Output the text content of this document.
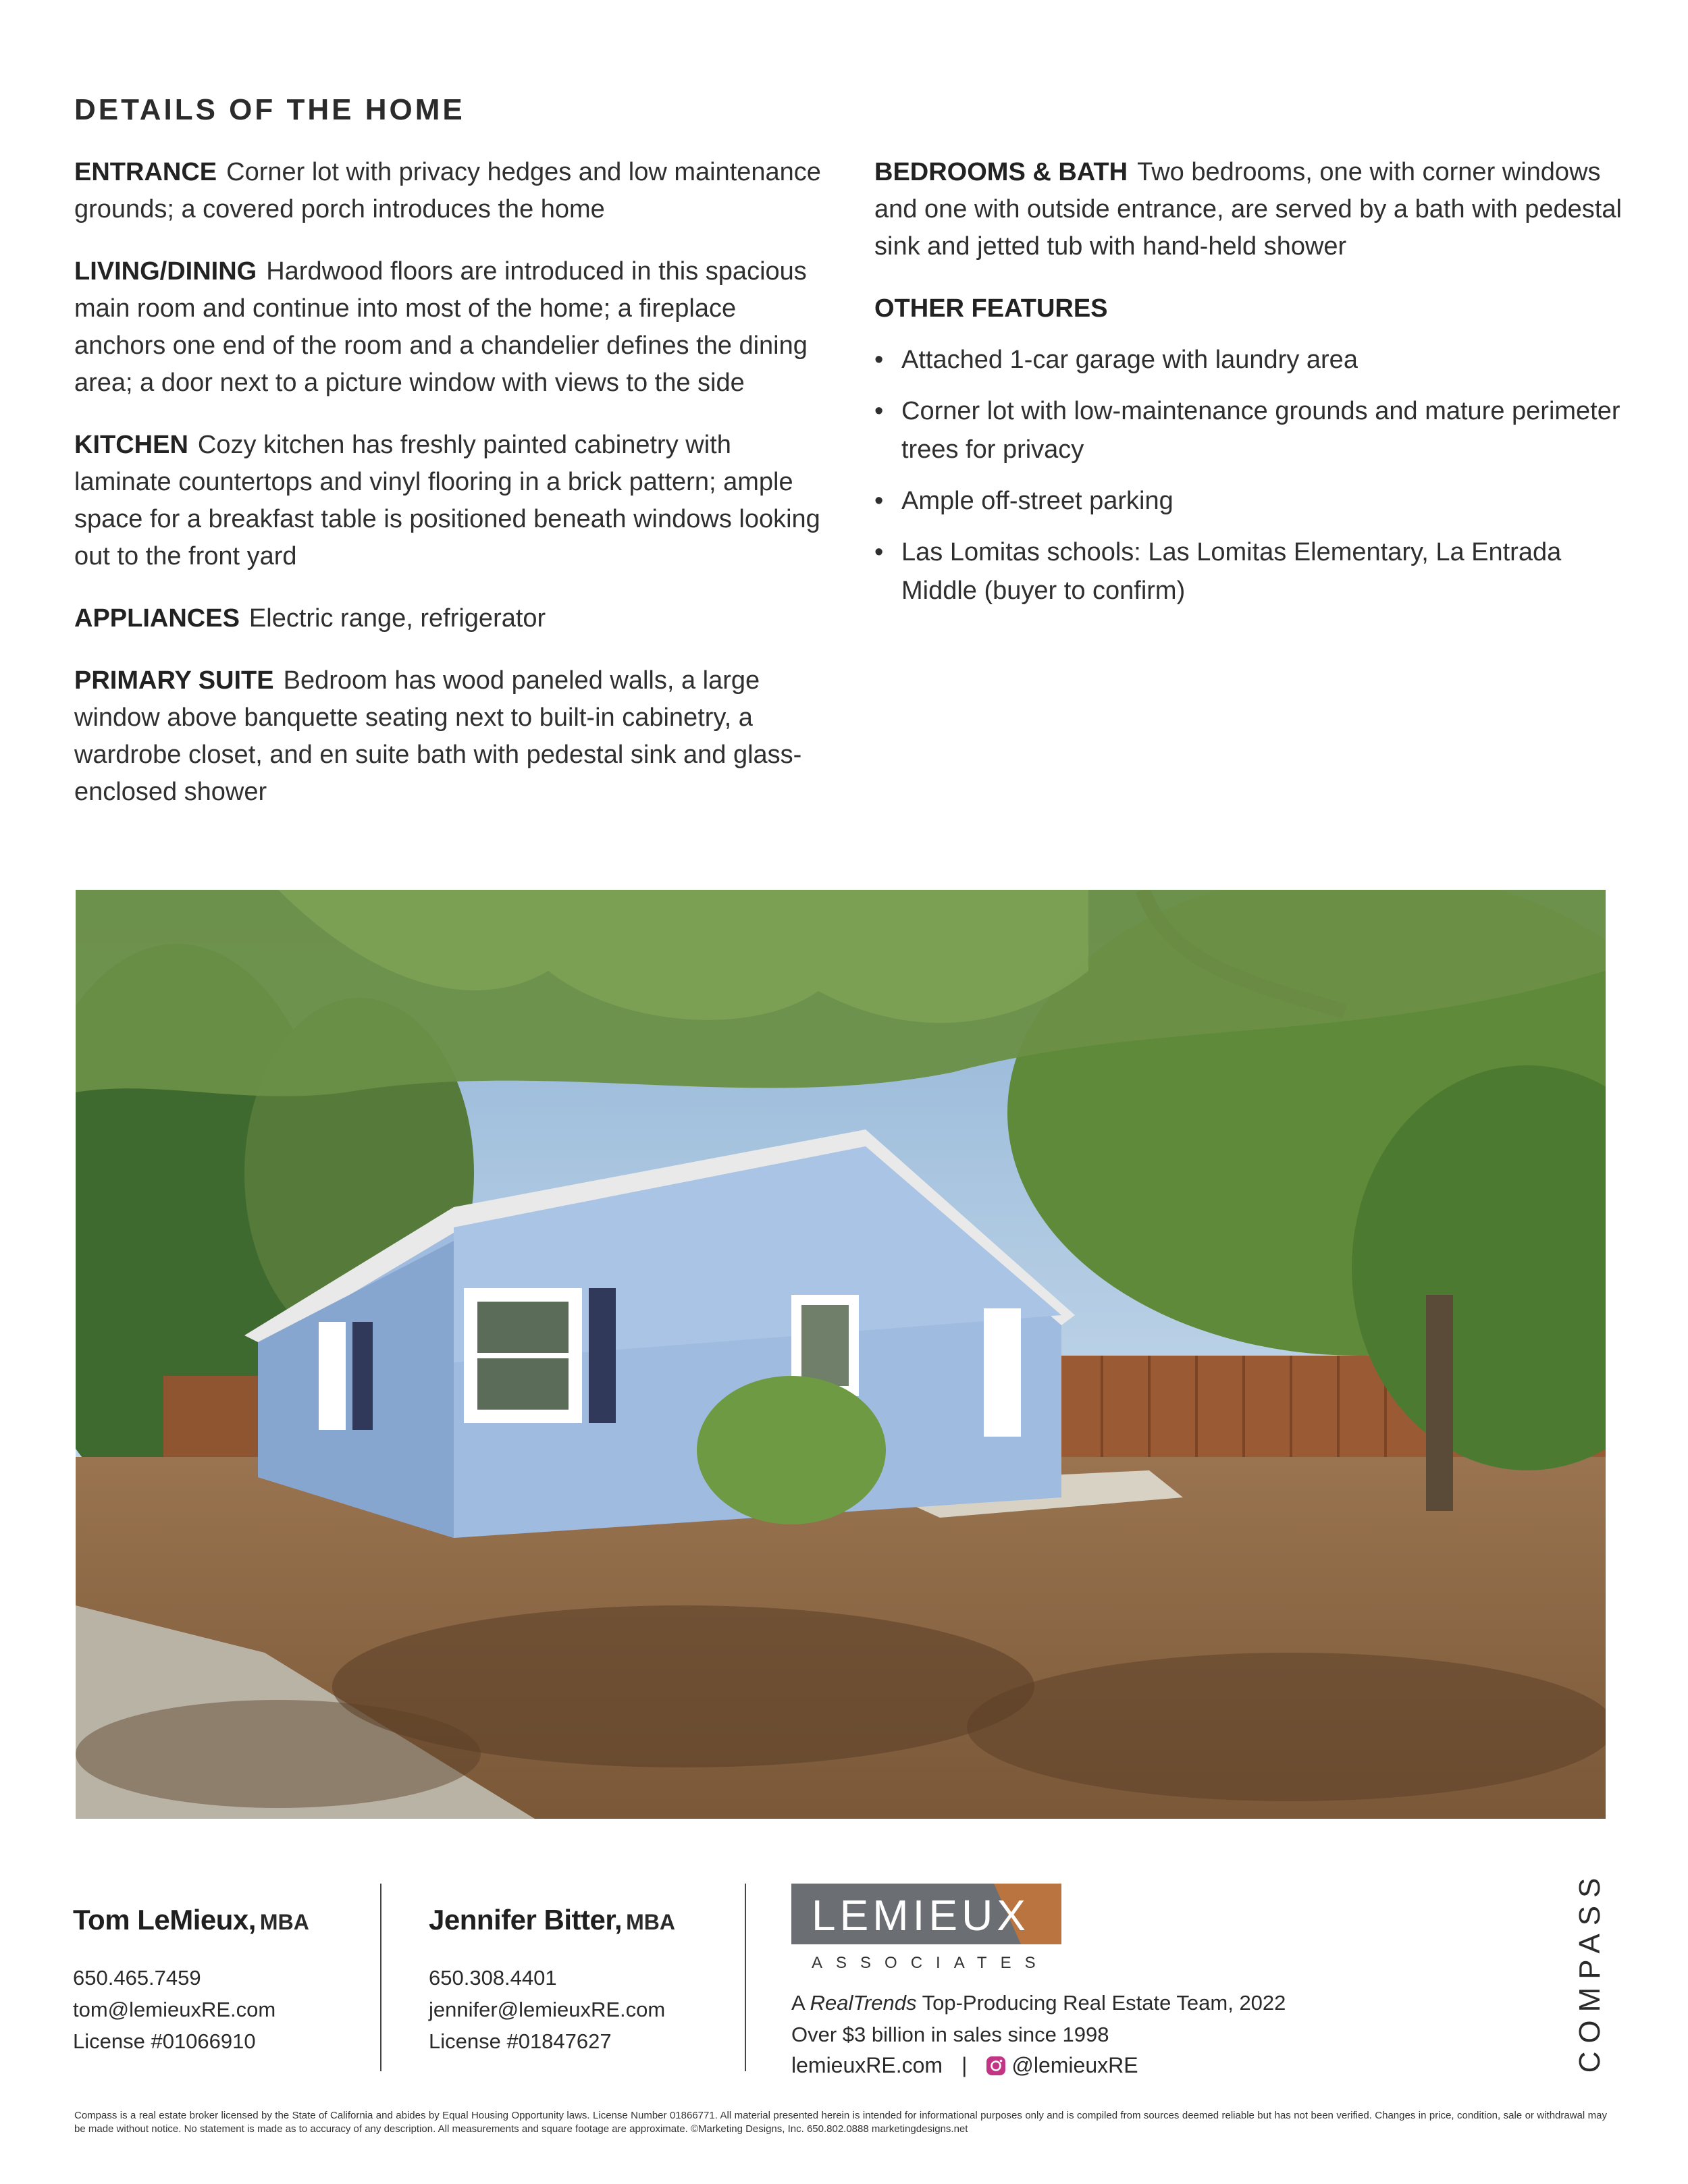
DETAILS OF THE HOME

ENTRANCE Corner lot with privacy hedges and low maintenance grounds; a covered porch introduces the home

LIVING/DINING Hardwood floors are introduced in this spacious main room and continue into most of the home; a fireplace anchors one end of the room and a chandelier defines the dining area; a door next to a picture window with views to the side

KITCHEN Cozy kitchen has freshly painted cabinetry with laminate countertops and vinyl flooring in a brick pattern; ample space for a breakfast table is positioned beneath windows looking out to the front yard

APPLIANCES Electric range, refrigerator

PRIMARY SUITE Bedroom has wood paneled walls, a large window above banquette seating next to built-in cabinetry, a wardrobe closet, and en suite bath with pedestal sink and glass-enclosed shower

BEDROOMS & BATH Two bedrooms, one with corner windows and one with outside entrance, are served by a bath with pedestal sink and jetted tub with hand-held shower

OTHER FEATURES
• Attached 1-car garage with laundry area
• Corner lot with low-maintenance grounds and mature perimeter trees for privacy
• Ample off-street parking
• Las Lomitas schools: Las Lomitas Elementary, La Entrada Middle (buyer to confirm)
Tom LeMieux, MBA
650.465.7459
tom@lemieuxRE.com
License #01066910
Jennifer Bitter, MBA
650.308.4401
jennifer@lemieuxRE.com
License #01847627
LEMIEUX
ASSOCIATES
A RealTrends Top-Producing Real Estate Team, 2022
Over $3 billion in sales since 1998
lemieuxRE.com | @lemieuxRE	COMPASS
Compass is a real estate broker licensed by the State of California and abides by Equal Housing Opportunity laws. License Number 01866771. All material presented herein is intended for informational purposes only and is compiled from sources deemed reliable but has not been verified. Changes in price, condition, sale or withdrawal may be made without notice. No statement is made as to accuracy of any description. All measurements and square footage are approximate. ©Marketing Designs, Inc. 650.802.0888 marketingdesigns.net
